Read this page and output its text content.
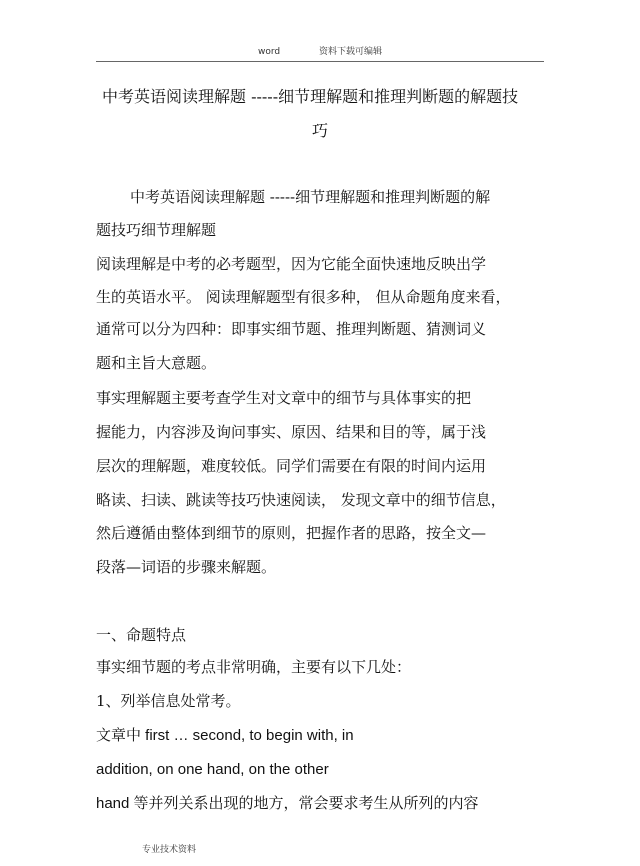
word	资料下载可编辑
中考英语阅读理解题 -----细节理解题和推理判断题的解题技
巧
中考英语阅读理解题 -----细节理解题和推理判断题的解
题技巧细节理解题
阅读理解是中考的必考题型，因为它能全面快速地反映出学
生的英语水平。 阅读理解题型有很多种， 但从命题角度来看，
通常可以分为四种：即事实细节题、推理判断题、猜测词义
题和主旨大意题。
事实理解题主要考查学生对文章中的细节与具体事实的把
握能力，内容涉及询问事实、原因、结果和目的等，属于浅
层次的理解题，难度较低。同学们需要在有限的时间内运用
略读、扫读、跳读等技巧快速阅读， 发现文章中的细节信息，
然后遵循由整体到细节的原则，把握作者的思路，按全文—
段落—词语的步骤来解题。
一、命题特点
事实细节题的考点非常明确，主要有以下几处：
1、列举信息处常考。
文章中 first … second, to begin with, in
addition, on one hand, on the other
hand 等并列关系出现的地方，常会要求考生从所列的内容
专业技术资料
